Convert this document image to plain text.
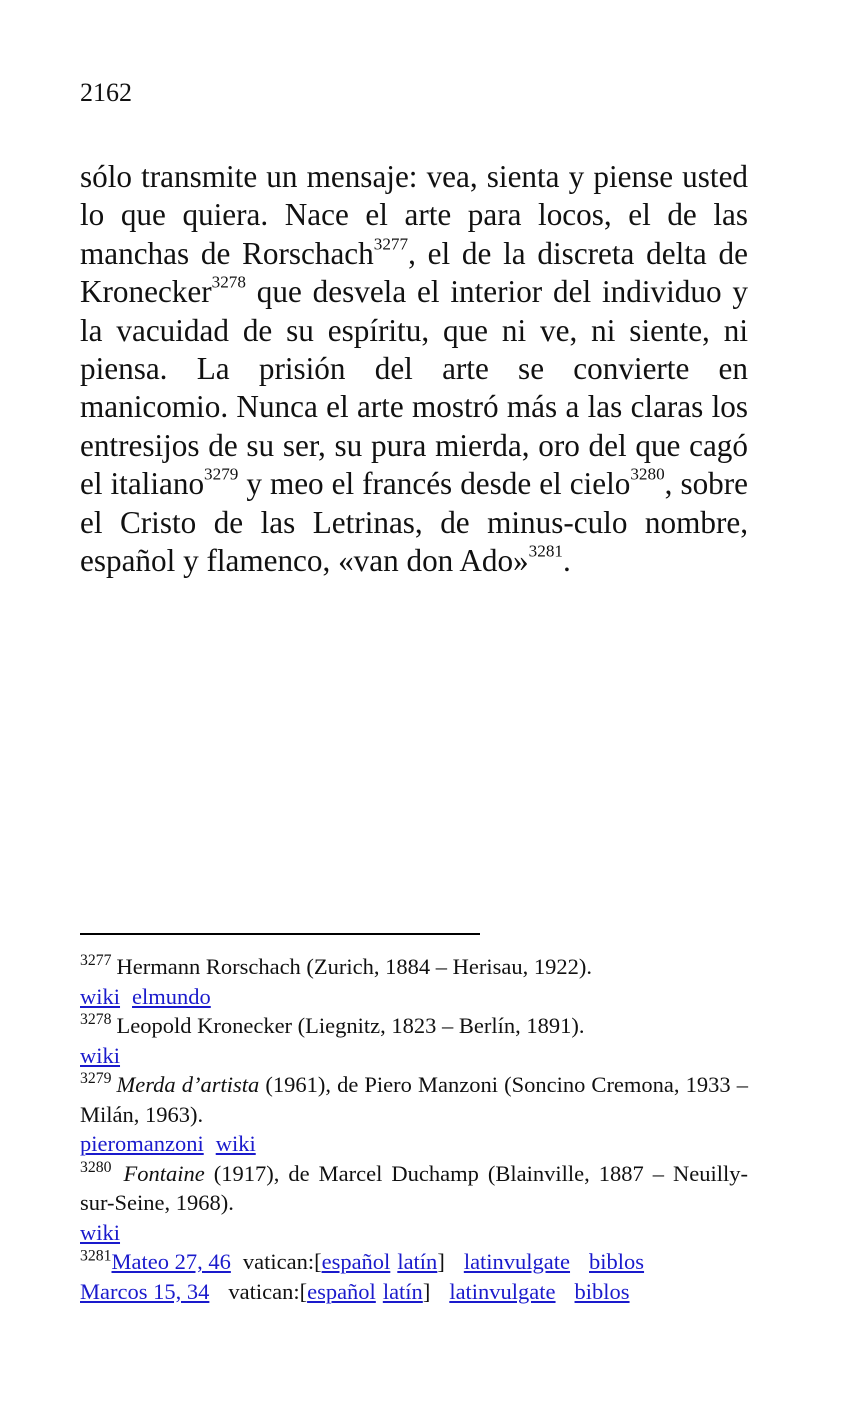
2162
sólo transmite un mensaje: vea, sienta y piense usted lo que quiera. Nace el arte para locos, el de las manchas de Rorschach$^{3277}$, el de la discreta delta de Kronecker$^{3278}$ que desvela el interior del individuo y la vacuidad de su espíritu, que ni ve, ni siente, ni piensa. La prisión del arte se convierte en manicomio. Nunca el arte mostró más a las claras los entresijos de su ser, su pura mierda, oro del que cagó el italiano$^{3279}$ y meo el francés desde el cielo$^{3280}$, sobre el Cristo de las Letrinas, de minus-culo nombre, español y flamenco, «van don Ado»$^{3281}$.

$^{3277}$ Hermann Rorschach (Zurich, 1884 – Herisau, 1922).

wiki elmundo

$^{3278}$ Leopold Kronecker (Liegnitz, 1823 – Berlín, 1891).

wiki

$^{3279}$ Merda d’artista (1961), de Piero Manzoni (Soncino Cremona, 1933 – Milán, 1963).

pieromanzoni wiki

$^{3280}$ Fontaine (1917), de Marcel Duchamp (Blainville, 1887 – Neuilly-sur-Seine, 1968).

wiki

$^{3281}$Mateo 27, 46 vatican:[español latín] latinvulgate biblos

Marcos 15, 34 vatican:[español latín] latinvulgate biblos
